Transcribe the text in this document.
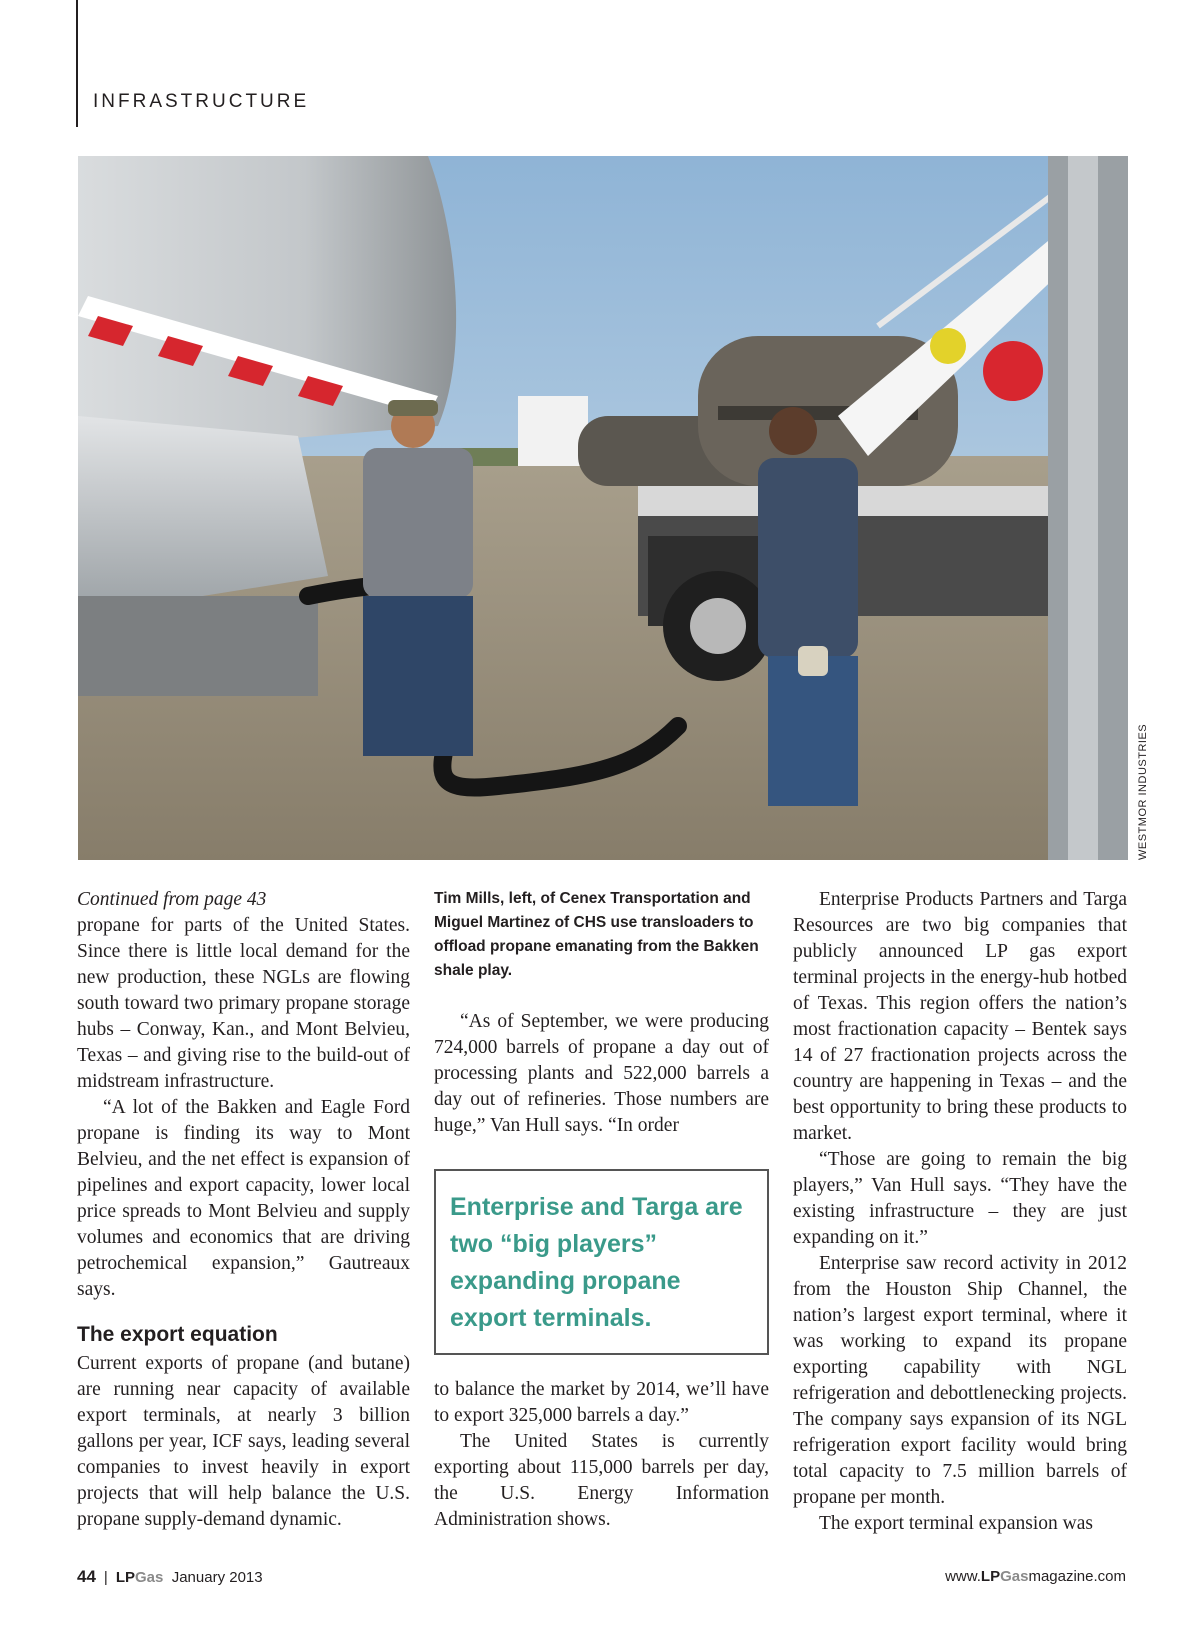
INFRASTRUCTURE
WESTMOR INDUSTRIES
Continued from page 43

propane for parts of the United States. Since there is little local demand for the new production, these NGLs are flowing south toward two primary propane storage hubs – Conway, Kan., and Mont Belvieu, Texas – and giving rise to the build-out of midstream infrastructure.

“A lot of the Bakken and Eagle Ford propane is finding its way to Mont Belvieu, and the net effect is expansion of pipelines and export capacity, lower local price spreads to Mont Belvieu and supply volumes and economics that are driving petrochemical expansion,” Gautreaux says.

The export equation

Current exports of propane (and butane) are running near capacity of available export terminals, at nearly 3 billion gallons per year, ICF says, leading several companies to invest heavily in export projects that will help balance the U.S. propane supply-demand dynamic.

Tim Mills, left, of Cenex Transportation and Miguel Martinez of CHS use transloaders to offload propane emanating from the Bakken shale play.

“As of September, we were producing 724,000 barrels of propane a day out of processing plants and 522,000 barrels a day out of refineries. Those numbers are huge,” Van Hull says. “In order

Enterprise and Targa are two “big players” expanding propane export terminals.

to balance the market by 2014, we’ll have to export 325,000 barrels a day.”

The United States is currently exporting about 115,000 barrels per day, the U.S. Energy Information Administration shows.

Enterprise Products Partners and Targa Resources are two big companies that publicly announced LP gas export terminal projects in the energy-hub hotbed of Texas. This region offers the nation’s most fractionation capacity – Bentek says 14 of 27 fractionation projects across the country are happening in Texas – and the best opportunity to bring these products to market.

“Those are going to remain the big players,” Van Hull says. “They have the existing infrastructure – they are just expanding on it.”

Enterprise saw record activity in 2012 from the Houston Ship Channel, the nation’s largest export terminal, where it was working to expand its propane exporting capability with NGL refrigeration and debottlenecking projects. The company says expansion of its NGL refrigeration export facility would bring total capacity to 7.5 million barrels of propane per month.

The export terminal expansion was

44 | LPGas January 2013	www.LPGasmagazine.com
